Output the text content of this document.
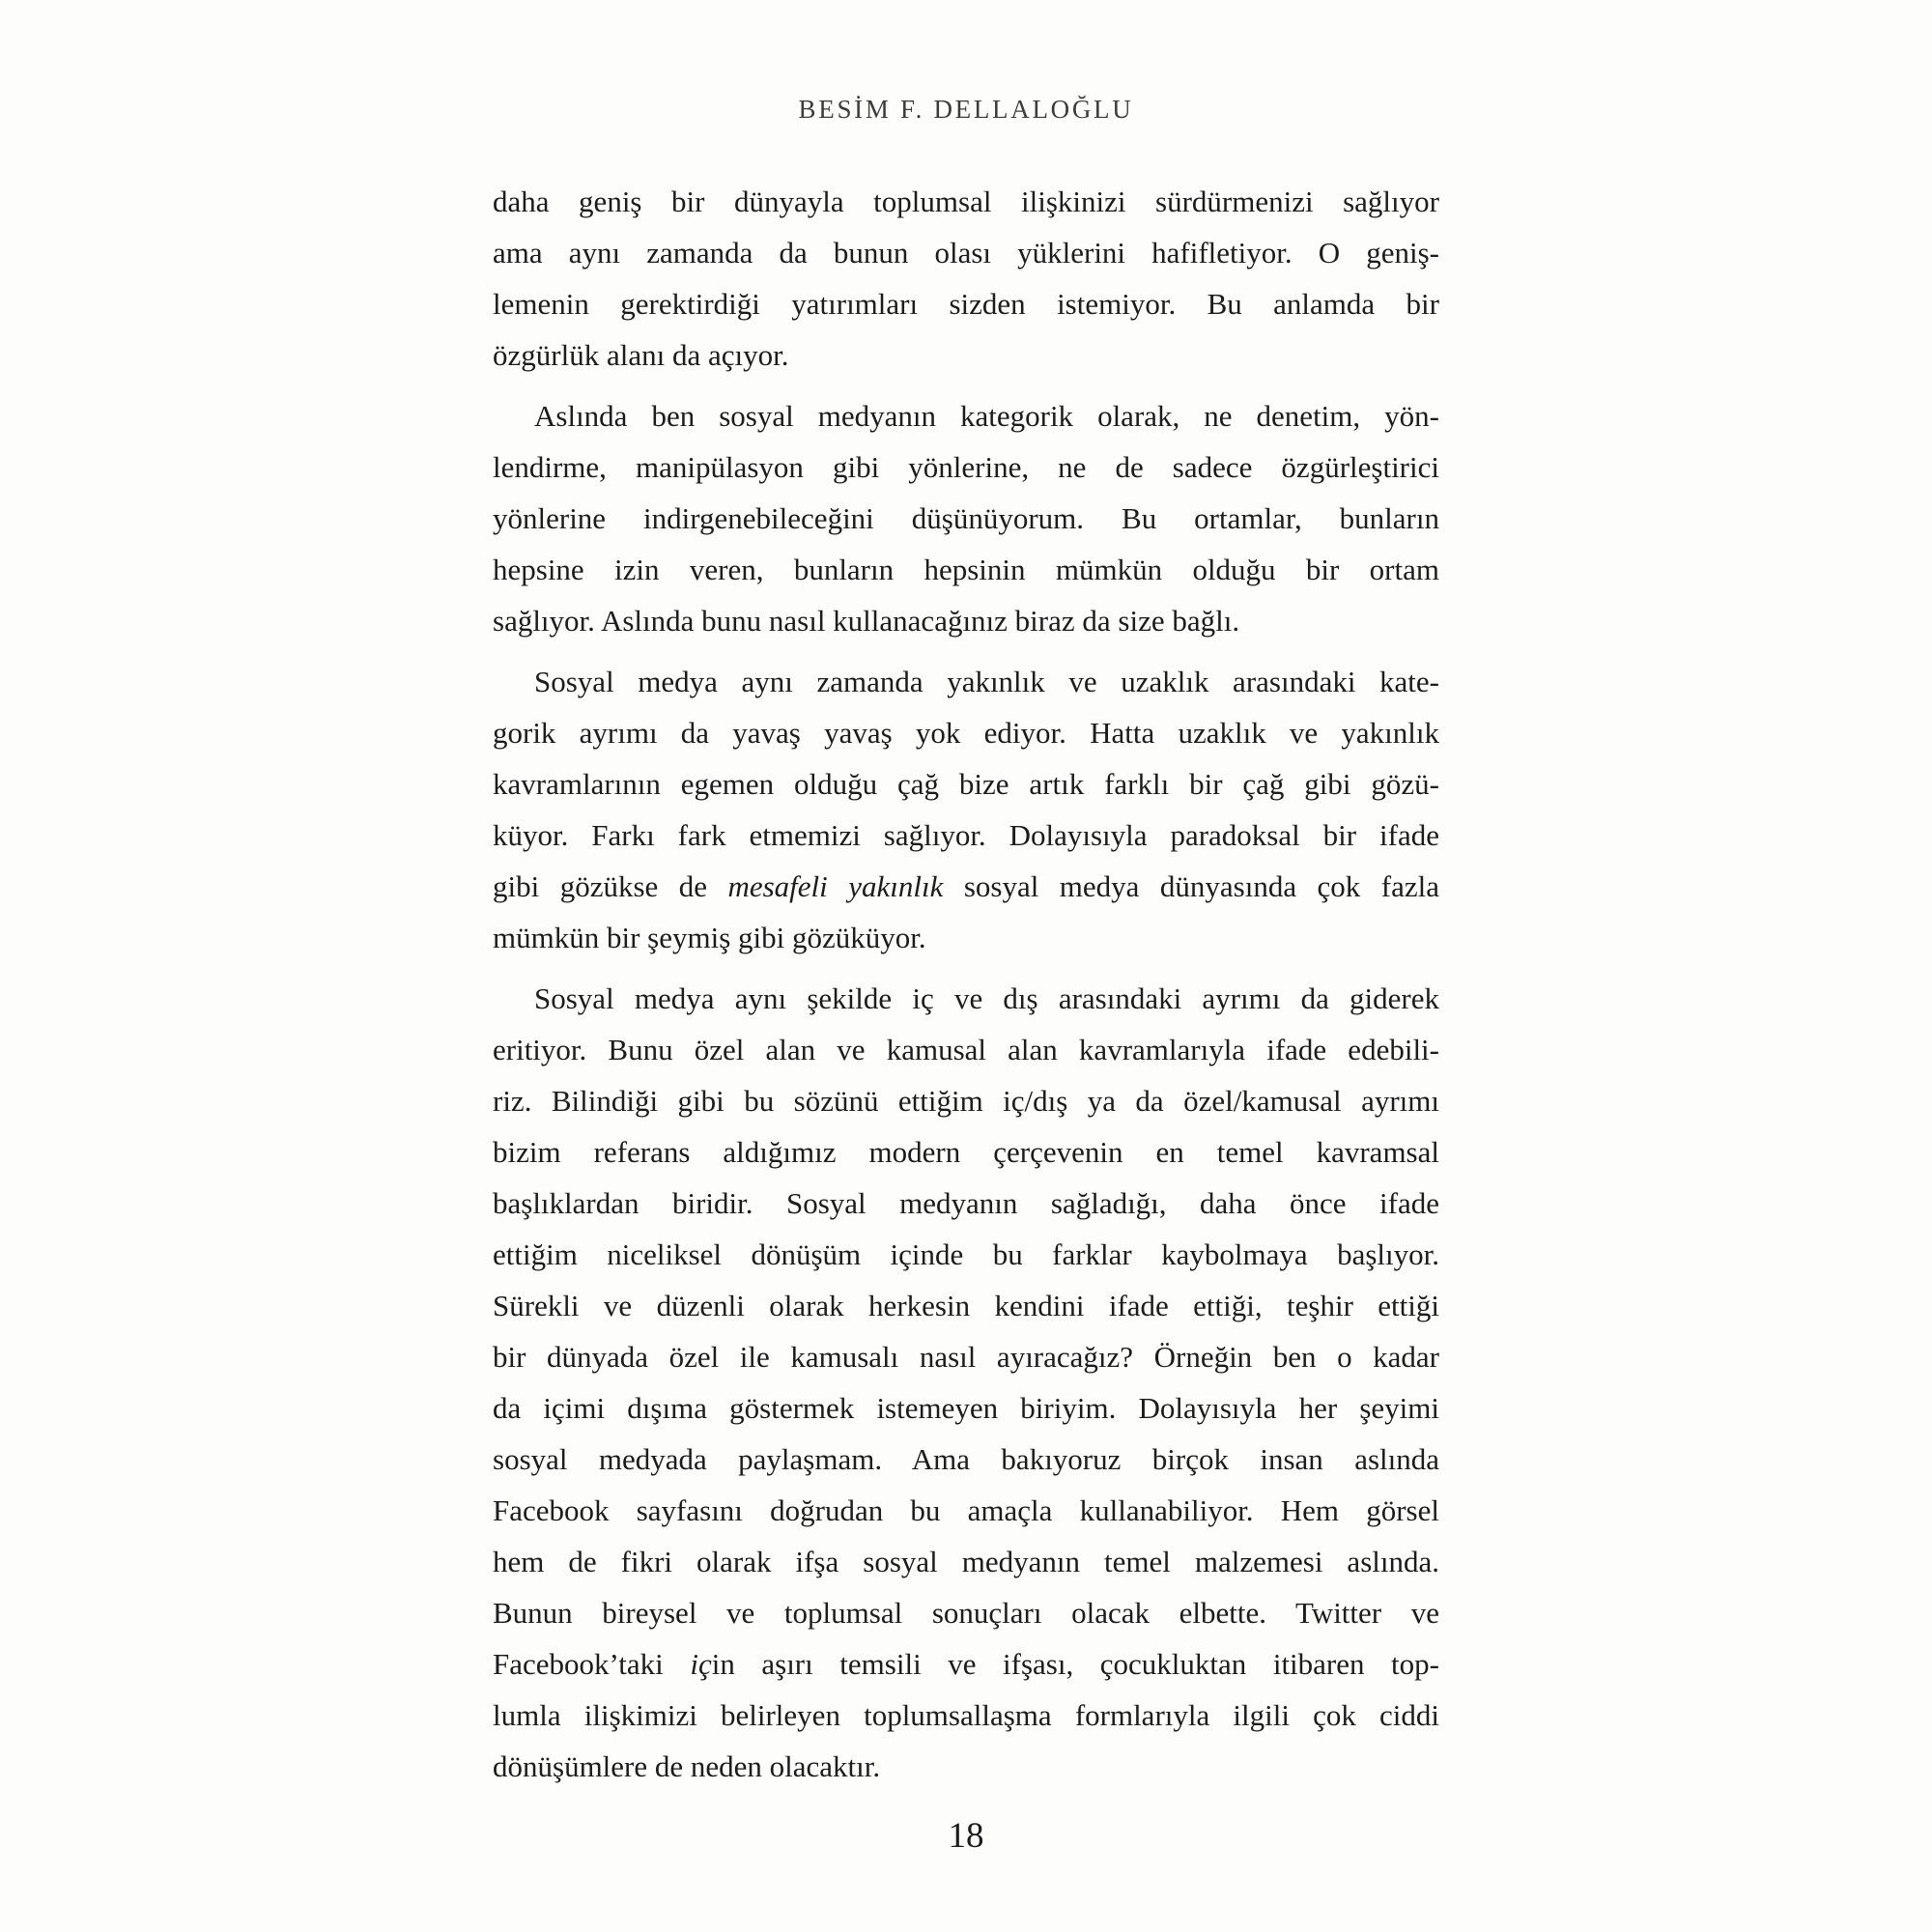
BESİM F. DELLALOĞLU
daha geniş bir dünyayla toplumsal ilişkinizi sürdürmenizi sağlıyor
ama aynı zamanda da bunun olası yüklerini hafifletiyor. O geniş-
lemenin gerektirdiği yatırımları sizden istemiyor. Bu anlamda bir
özgürlük alanı da açıyor.
Aslında ben sosyal medyanın kategorik olarak, ne denetim, yön-
lendirme, manipülasyon gibi yönlerine, ne de sadece özgürleştirici
yönlerine indirgenebileceğini düşünüyorum. Bu ortamlar, bunların
hepsine izin veren, bunların hepsinin mümkün olduğu bir ortam
sağlıyor. Aslında bunu nasıl kullanacağınız biraz da size bağlı.
Sosyal medya aynı zamanda yakınlık ve uzaklık arasındaki kate-
gorik ayrımı da yavaş yavaş yok ediyor. Hatta uzaklık ve yakınlık
kavramlarının egemen olduğu çağ bize artık farklı bir çağ gibi gözü-
küyor. Farkı fark etmemizi sağlıyor. Dolayısıyla paradoksal bir ifade
gibi gözükse de mesafeli yakınlık sosyal medya dünyasında çok fazla
mümkün bir şeymiş gibi gözüküyor.
Sosyal medya aynı şekilde iç ve dış arasındaki ayrımı da giderek
eritiyor. Bunu özel alan ve kamusal alan kavramlarıyla ifade edebili-
riz. Bilindiği gibi bu sözünü ettiğim iç/dış ya da özel/kamusal ayrımı
bizim referans aldığımız modern çerçevenin en temel kavramsal
başlıklardan biridir. Sosyal medyanın sağladığı, daha önce ifade
ettiğim niceliksel dönüşüm içinde bu farklar kaybolmaya başlıyor.
Sürekli ve düzenli olarak herkesin kendini ifade ettiği, teşhir ettiği
bir dünyada özel ile kamusalı nasıl ayıracağız? Örneğin ben o kadar
da içimi dışıma göstermek istemeyen biriyim. Dolayısıyla her şeyimi
sosyal medyada paylaşmam. Ama bakıyoruz birçok insan aslında
Facebook sayfasını doğrudan bu amaçla kullanabiliyor. Hem görsel
hem de fikri olarak ifşa sosyal medyanın temel malzemesi aslında.
Bunun bireysel ve toplumsal sonuçları olacak elbette. Twitter ve
Facebook’taki için aşırı temsili ve ifşası, çocukluktan itibaren top-
lumla ilişkimizi belirleyen toplumsallaşma formlarıyla ilgili çok ciddi
dönüşümlere de neden olacaktır.
18
